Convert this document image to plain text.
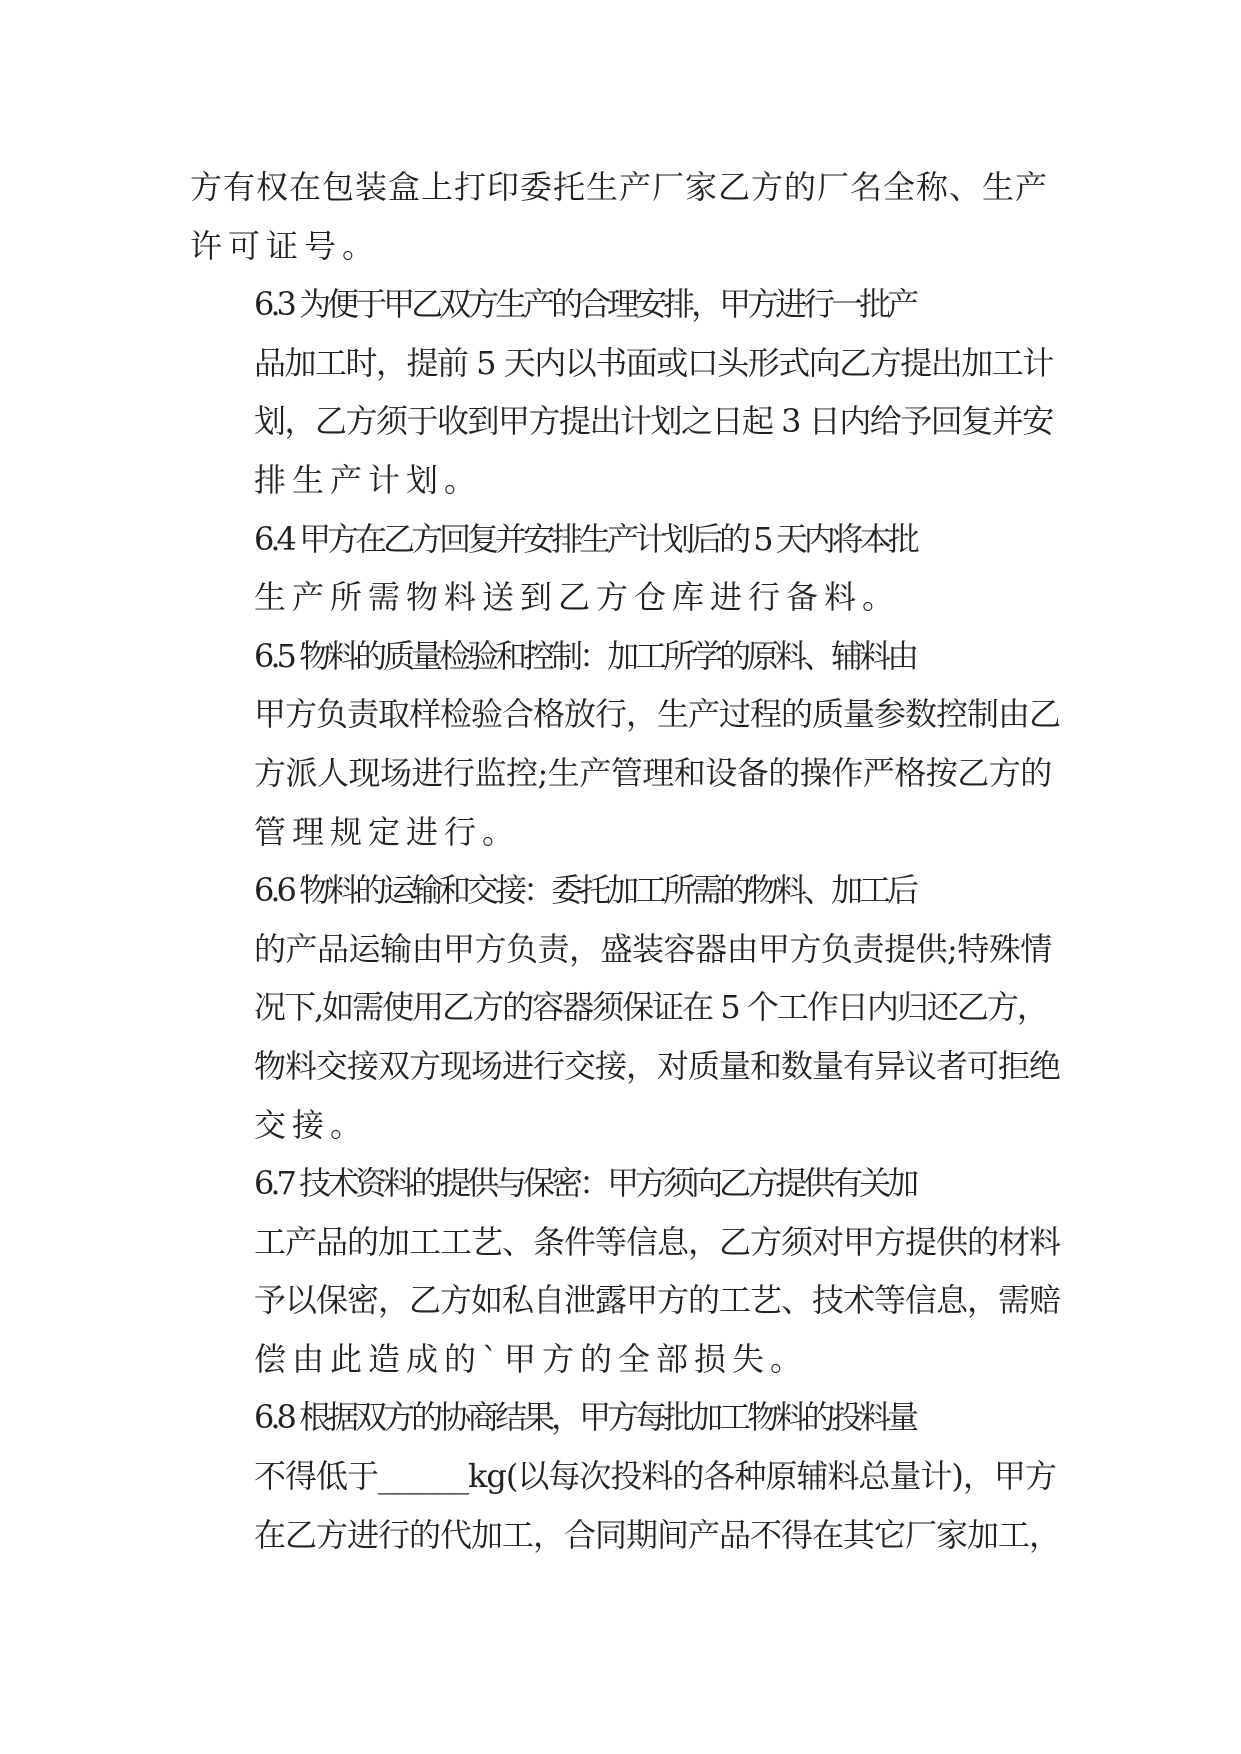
方有权在包装盒上打印委托生产厂家乙方的厂名全称、生产
许可证号。

6.3 为便于甲乙双方生产的合理安排，甲方进行一批产
品加工时，提前 5 天内以书面或口头形式向乙方提出加工计
划，乙方须于收到甲方提出计划之日起 3 日内给予回复并安
排生产计划。

6.4 甲方在乙方回复并安排生产计划后的 5 天内将本批
生产所需物料送到乙方仓库进行备料。

6.5 物料的质量检验和控制：加工所学的原料、辅料由
甲方负责取样检验合格放行，生产过程的质量参数控制由乙
方派人现场进行监控;生产管理和设备的操作严格按乙方的
管理规定进行。

6.6 物料的运输和交接：委托加工所需的物料、加工后
的产品运输由甲方负责，盛装容器由甲方负责提供;特殊情
况下,如需使用乙方的容器须保证在 5 个工作日内归还乙方，
物料交接双方现场进行交接，对质量和数量有异议者可拒绝
交接。

6.7 技术资料的提供与保密：甲方须向乙方提供有关加
工产品的加工工艺、条件等信息，乙方须对甲方提供的材料
予以保密，乙方如私自泄露甲方的工艺、技术等信息，需赔
偿由此造成的`甲方的全部损失。

6.8 根据双方的协商结果，甲方每批加工物料的投料量
不得低于______kg(以每次投料的各种原辅料总量计)，甲方
在乙方进行的代加工，合同期间产品不得在其它厂家加工，
